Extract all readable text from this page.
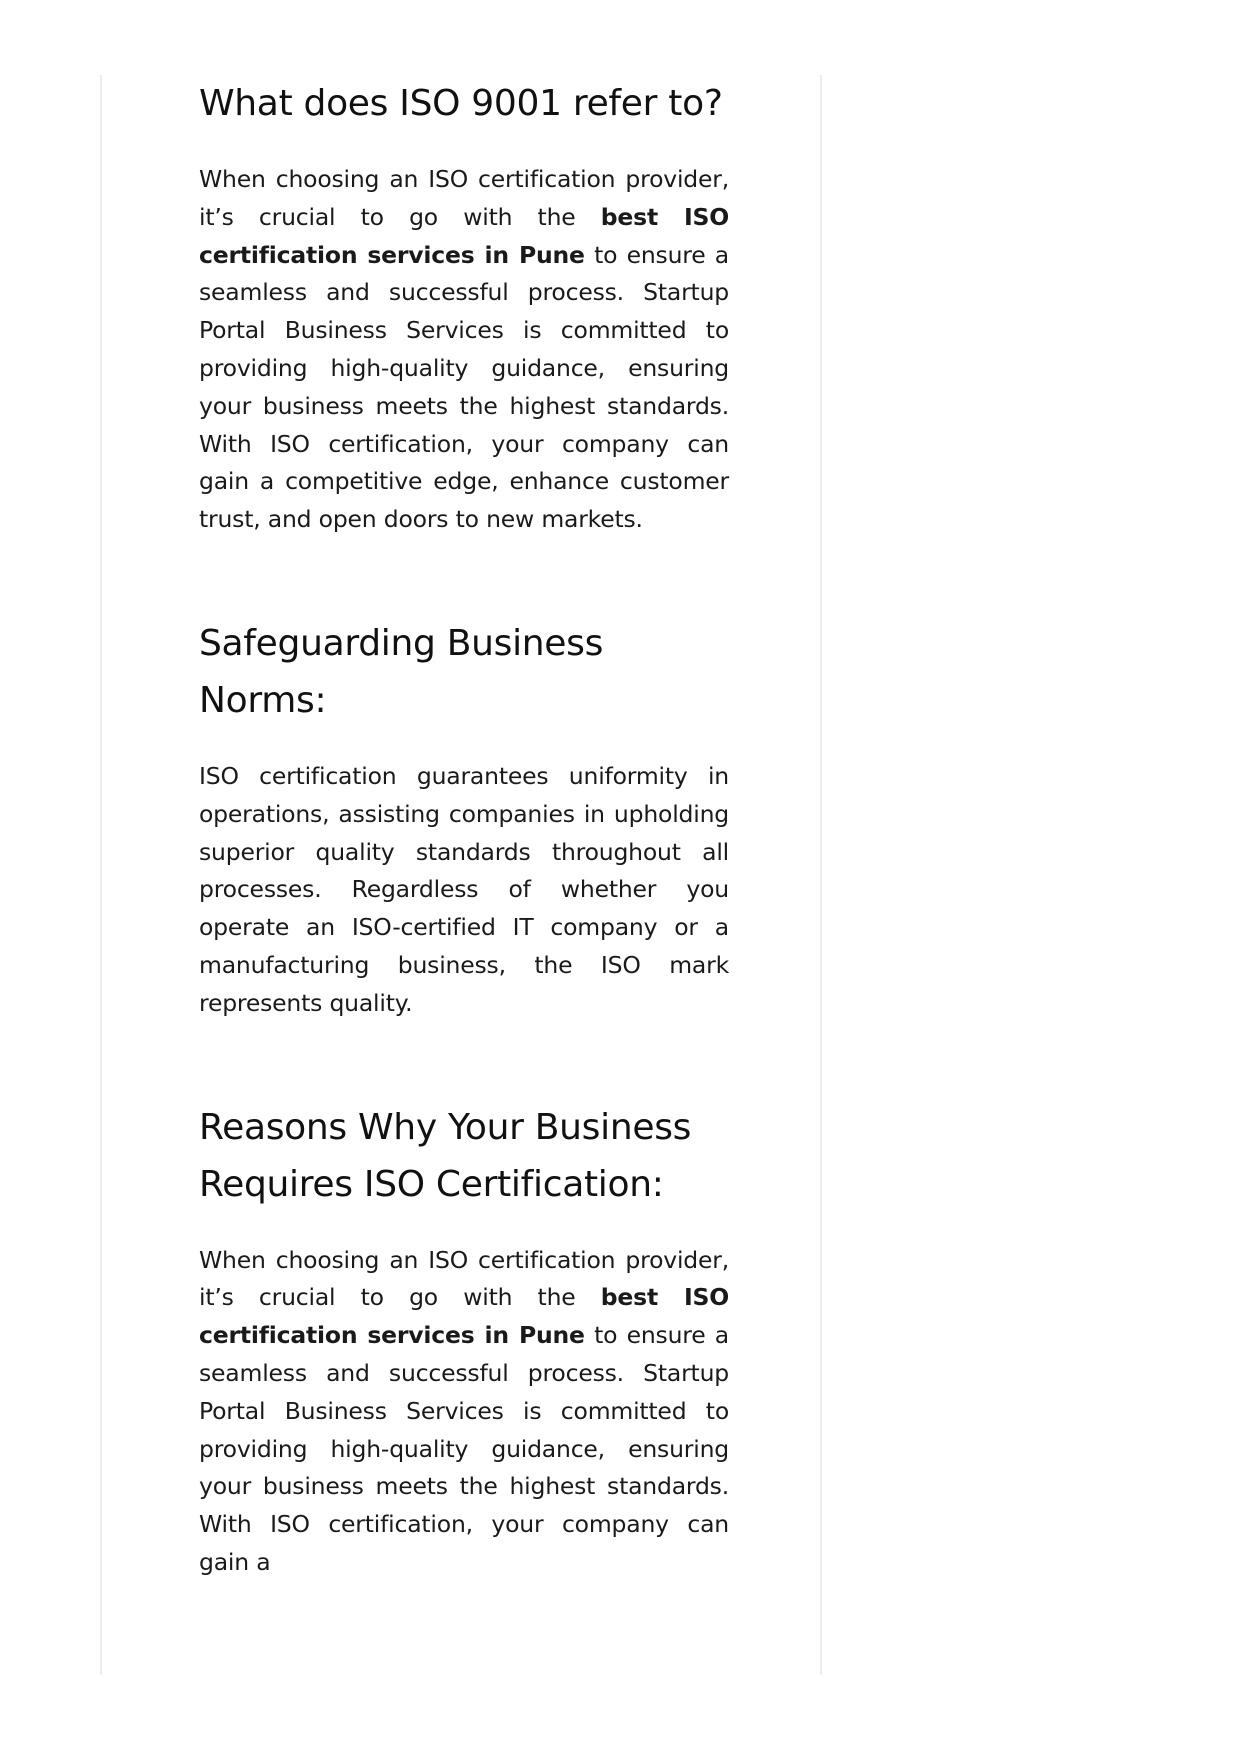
What does ISO 9001 refer to?

When choosing an ISO certification provider, it’s crucial to go with the best ISO certification services in Pune to ensure a seamless and successful process. Startup Portal Business Services is committed to providing high-quality guidance, ensuring your business meets the highest standards. With ISO certification, your company can gain a competitive edge, enhance customer trust, and open doors to new markets.

Safeguarding Business Norms:

ISO certification guarantees uniformity in operations, assisting companies in upholding superior quality standards throughout all processes. Regardless of whether you operate an ISO-certified IT company or a manufacturing business, the ISO mark represents quality.

Reasons Why Your Business Requires ISO Certification:

When choosing an ISO certification provider, it’s crucial to go with the best ISO certification services in Pune to ensure a seamless and successful process. Startup Portal Business Services is committed to providing high-quality guidance, ensuring your business meets the highest standards. With ISO certification, your company can gain a
